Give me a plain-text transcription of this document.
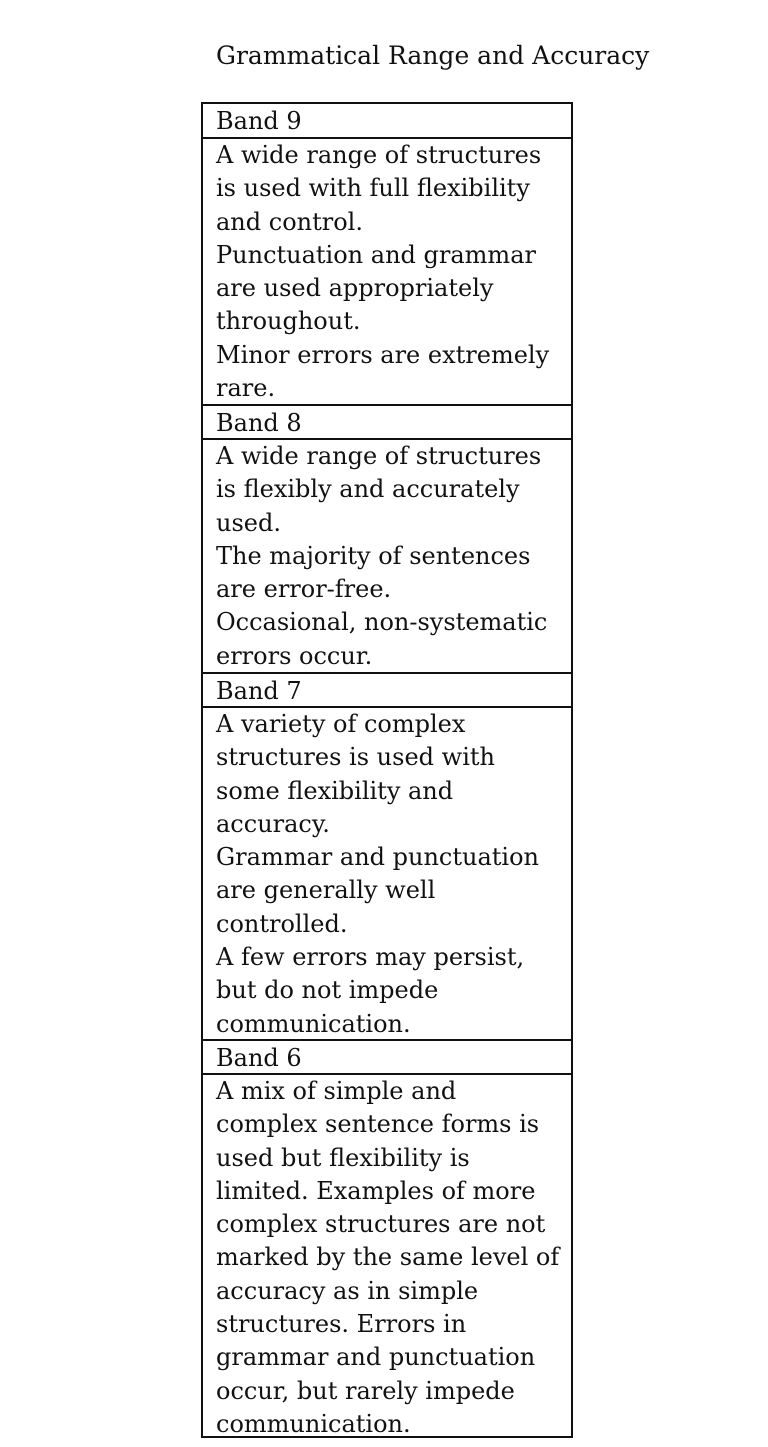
Grammatical Range and Accuracy
Band 9
A wide range of structures
is used with full flexibility
and control.
Punctuation and grammar
are used appropriately
throughout.
Minor errors are extremely
rare.
Band 8
A wide range of structures
is flexibly and accurately
used.
The majority of sentences
are error-free.
Occasional, non-systematic
errors occur.
Band 7
A variety of complex
structures is used with
some flexibility and
accuracy.
Grammar and punctuation
are generally well
controlled.
A few errors may persist,
but do not impede
communication.
Band 6
A mix of simple and
complex sentence forms is
used but flexibility is
limited. Examples of more
complex structures are not
marked by the same level of
accuracy as in simple
structures. Errors in
grammar and punctuation
occur, but rarely impede
communication.
